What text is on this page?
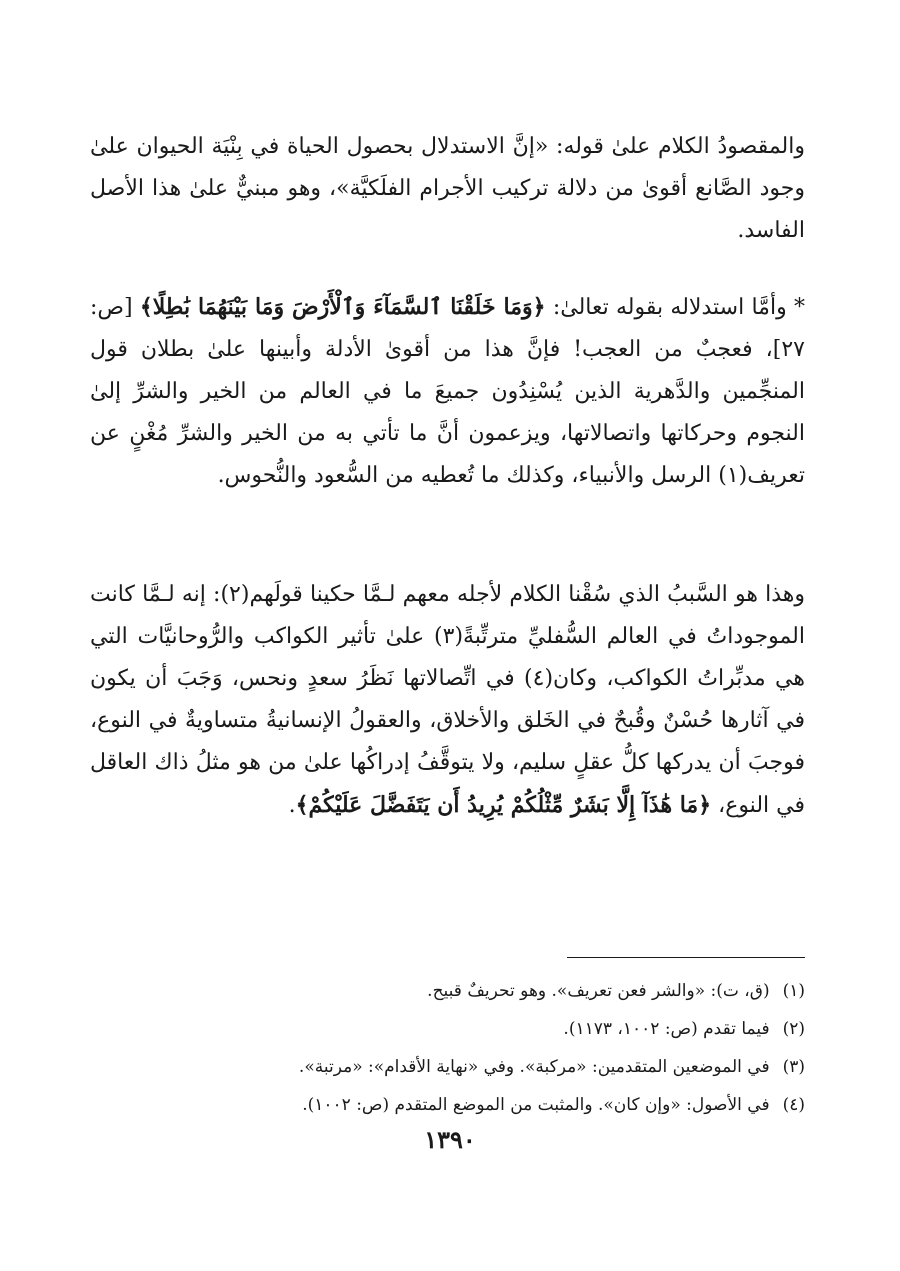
والمقصودُ الكلام علىٰ قوله: «إنَّ الاستدلال بحصول الحياة في بِنْيَة الحيوان علىٰ وجود الصَّانع أقوىٰ من دلالة تركيب الأجرام الفلَكيَّة»، وهو مبنيٌّ علىٰ هذا الأصل الفاسد.

* وأمَّا استدلاله بقوله تعالىٰ: ﴿وَمَا خَلَقْنَا ٱلسَّمَآءَ وَٱلْأَرْضَ وَمَا بَيْنَهُمَا بَٰطِلًا﴾ [ص: ٢٧]، فعجبٌ من العجب! فإنَّ هذا من أقوىٰ الأدلة وأبينها علىٰ بطلان قول المنجِّمين والدَّهرية الذين يُسْنِدُون جميعَ ما في العالم من الخير والشرِّ إلىٰ النجوم وحركاتها واتصالاتها، ويزعمون أنَّ ما تأتي به من الخير والشرِّ مُغْنٍ عن تعريف(١) الرسل والأنبياء، وكذلك ما تُعطيه من السُّعود والنُّحوس.

وهذا هو السَّببُ الذي سُقْنا الكلام لأجله معهم لـمَّا حكينا قولَهم(٢): إنه لـمَّا كانت الموجوداتُ في العالم السُّفليِّ مترتِّبةً(٣) علىٰ تأثير الكواكب والرُّوحانيَّات التي هي مدبِّراتُ الكواكب، وكان(٤) في اتِّصالاتها نَظَرُ سعدٍ ونحس، وَجَبَ أن يكون في آثارها حُسْنٌ وقُبحٌ في الخَلق والأخلاق، والعقولُ الإنسانيةُ متساويةٌ في النوع، فوجبَ أن يدركها كلُّ عقلٍ سليم، ولا يتوقَّفُ إدراكُها علىٰ من هو مثلُ ذاك العاقل في النوع، ﴿مَا هَٰذَآ إِلَّا بَشَرٌ مِّثْلُكُمْ يُرِيدُ أَن يَتَفَضَّلَ عَلَيْكُمْ﴾.

(١) (ق، ت): «والشر فعن تعريف». وهو تحريفٌ قبيح.
(٢) فيما تقدم (ص: ١٠٠٢، ١١٧٣).
(٣) في الموضعين المتقدمين: «مركبة». وفي «نهاية الأقدام»: «مرتبة».
(٤) في الأصول: «وإن كان». والمثبت من الموضع المتقدم (ص: ١٠٠٢).
١٣٩٠
